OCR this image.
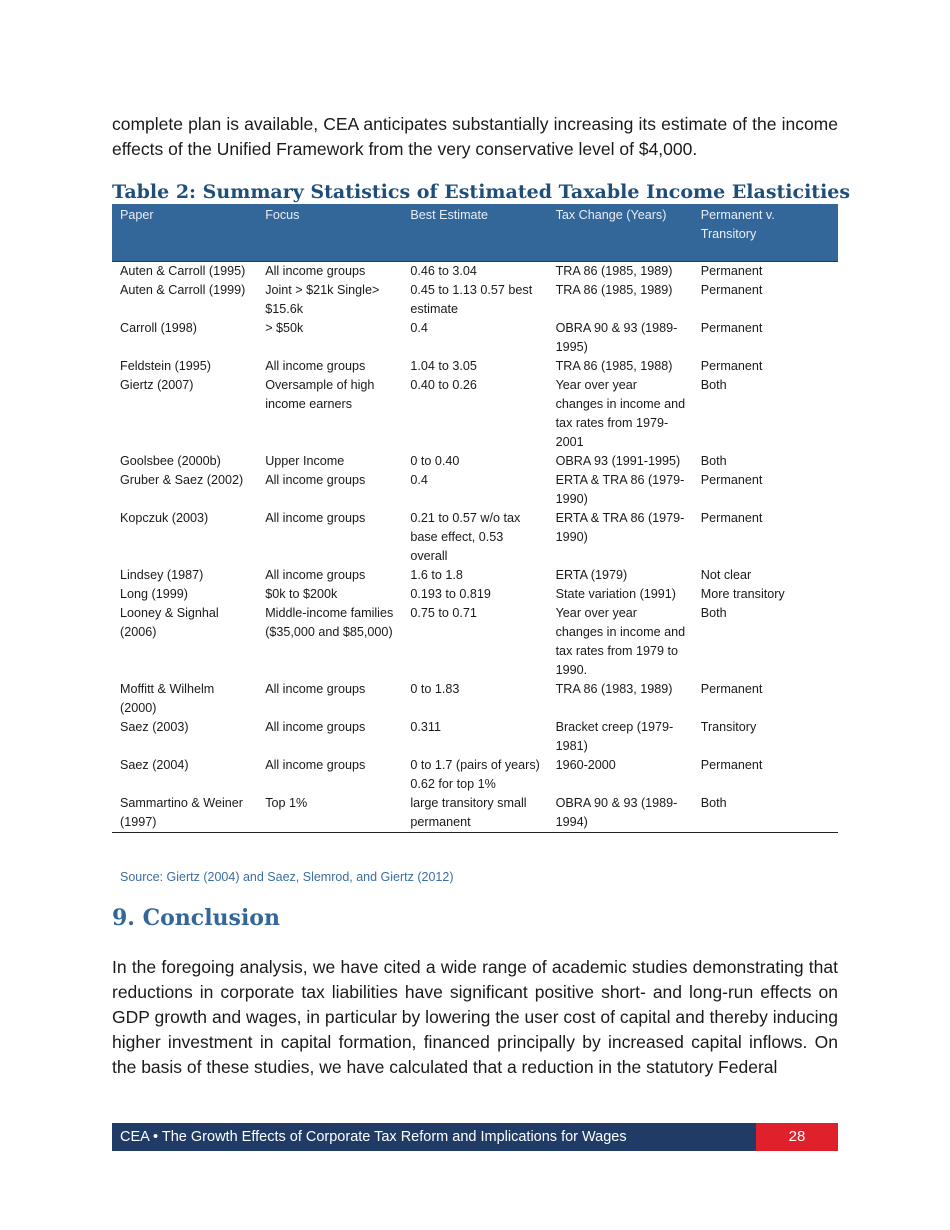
complete plan is available, CEA anticipates substantially increasing its estimate of the income effects of the Unified Framework from the very conservative level of $4,000.

Table 2: Summary Statistics of Estimated Taxable Income Elasticities
Paper	Focus	Best Estimate	Tax Change (Years)	Permanent v. Transitory
Auten & Carroll (1995)	All income groups	0.46 to 3.04	TRA 86 (1985, 1989)	Permanent
Auten & Carroll (1999)	Joint > $21k Single> $15.6k	0.45 to 1.13 0.57 best estimate	TRA 86 (1985, 1989)	Permanent
Carroll (1998)	> $50k	0.4	OBRA 90 & 93 (1989-1995)	Permanent
Feldstein (1995)	All income groups	1.04 to 3.05	TRA 86 (1985, 1988)	Permanent
Giertz (2007)	Oversample of high income earners	0.40 to 0.26	Year over year changes in income and tax rates from 1979-2001	Both
Goolsbee (2000b)	Upper Income	0 to 0.40	OBRA 93 (1991-1995)	Both
Gruber & Saez (2002)	All income groups	0.4	ERTA & TRA 86 (1979-1990)	Permanent
Kopczuk (2003)	All income groups	0.21 to 0.57 w/o tax base effect, 0.53 overall	ERTA & TRA 86 (1979-1990)	Permanent
Lindsey (1987)	All income groups	1.6 to 1.8	ERTA (1979)	Not clear
Long (1999)	$0k to $200k	0.193 to 0.819	State variation (1991)	More transitory
Looney & Signhal (2006)	Middle-income families ($35,000 and $85,000)	0.75 to 0.71	Year over year changes in income and tax rates from 1979 to 1990.	Both
Moffitt & Wilhelm (2000)	All income groups	0 to 1.83	TRA 86 (1983, 1989)	Permanent
Saez (2003)	All income groups	0.311	Bracket creep (1979-1981)	Transitory
Saez (2004)	All income groups	0 to 1.7 (pairs of years) 0.62 for top 1%	1960-2000	Permanent
Sammartino & Weiner (1997)	Top 1%	large transitory small permanent	OBRA 90 & 93 (1989-1994)	Both
Source: Giertz (2004) and Saez, Slemrod, and Giertz (2012)
9. Conclusion

In the foregoing analysis, we have cited a wide range of academic studies demonstrating that reductions in corporate tax liabilities have significant positive short- and long-run effects on GDP growth and wages, in particular by lowering the user cost of capital and thereby inducing higher investment in capital formation, financed principally by increased capital inflows. On the basis of these studies, we have calculated that a reduction in the statutory Federal

CEA • The Growth Effects of Corporate Tax Reform and Implications for Wages	28
